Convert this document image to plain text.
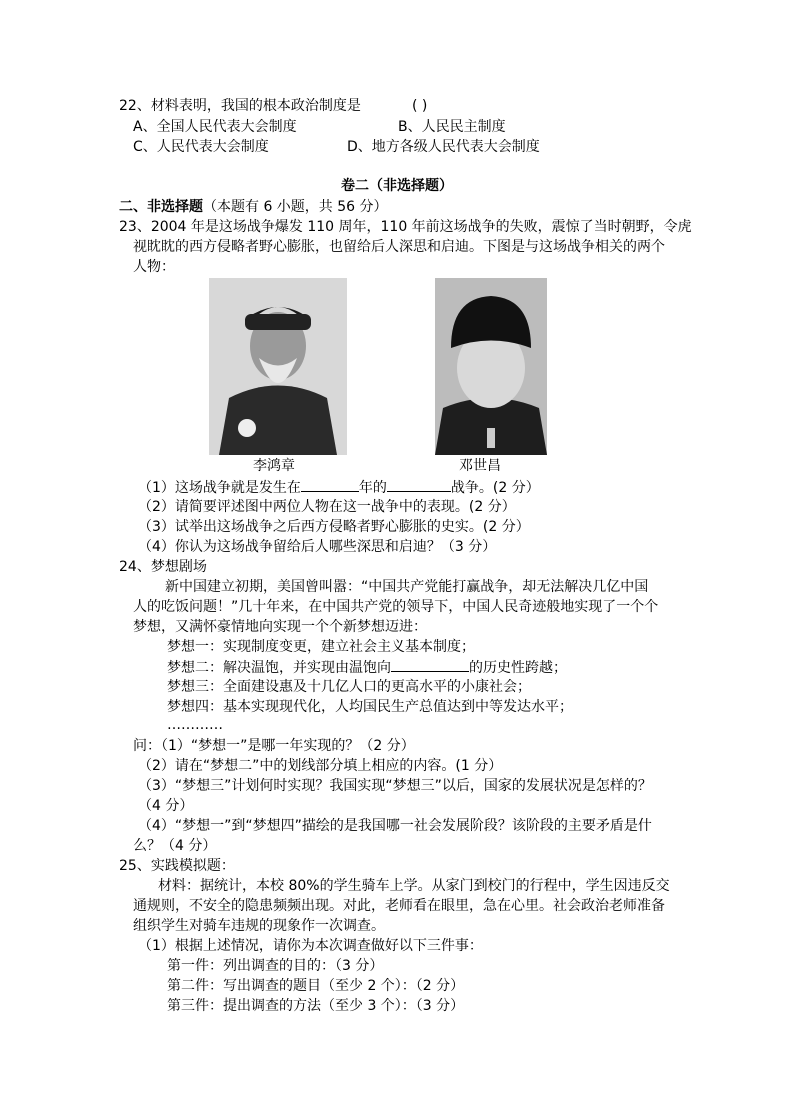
22、材料表明，我国的根本政治制度是	( )
A、全国人民代表大会制度	B、人民民主制度
C、人民代表大会制度	D、地方各级人民代表大会制度
卷二（非选择题）
二、非选择题（本题有 6 小题，共 56 分）
23、2004 年是这场战争爆发 110 周年，110 年前这场战争的失败，震惊了当时朝野，令虎
视眈眈的西方侵略者野心膨胀，也留给后人深思和启迪。下图是与这场战争相关的两个
人物：
李鸿章	邓世昌
（1）这场战争就是发生在	年的	战争。(2 分）
（2）请简要评述图中两位人物在这一战争中的表现。(2 分）
（3）试举出这场战争之后西方侵略者野心膨胀的史实。(2 分）
（4）你认为这场战争留给后人哪些深思和启迪？（3 分）
24、梦想剧场
新中国建立初期，美国曾叫嚣：“中国共产党能打赢战争，却无法解决几亿中国
人的吃饭问题！”几十年来，在中国共产党的领导下，中国人民奇迹般地实现了一个个
梦想，又满怀豪情地向实现一个个新梦想迈进：
梦想一：实现制度变更，建立社会主义基本制度；
梦想二：解决温饱，并实现由温饱向	的历史性跨越；
梦想三：全面建设惠及十几亿人口的更高水平的小康社会；
梦想四：基本实现现代化，人均国民生产总值达到中等发达水平；
…………
问：（1）“梦想一”是哪一年实现的？（2 分）
（2）请在“梦想二”中的划线部分填上相应的内容。(1 分）
（3）“梦想三”计划何时实现？我国实现“梦想三”以后，国家的发展状况是怎样的？
（4 分）
（4）“梦想一”到“梦想四”描绘的是我国哪一社会发展阶段？该阶段的主要矛盾是什
么？（4 分）
25、实践模拟题：
材料：据统计，本校 80%的学生骑车上学。从家门到校门的行程中，学生因违反交
通规则，不安全的隐患频频出现。对此，老师看在眼里，急在心里。社会政治老师准备
组织学生对骑车违规的现象作一次调查。
（1）根据上述情况，请你为本次调查做好以下三件事：
第一件：列出调查的目的：（3 分）
第二件：写出调查的题目（至少 2 个）：（2 分）
第三件：提出调查的方法（至少 3 个）：（3 分）
